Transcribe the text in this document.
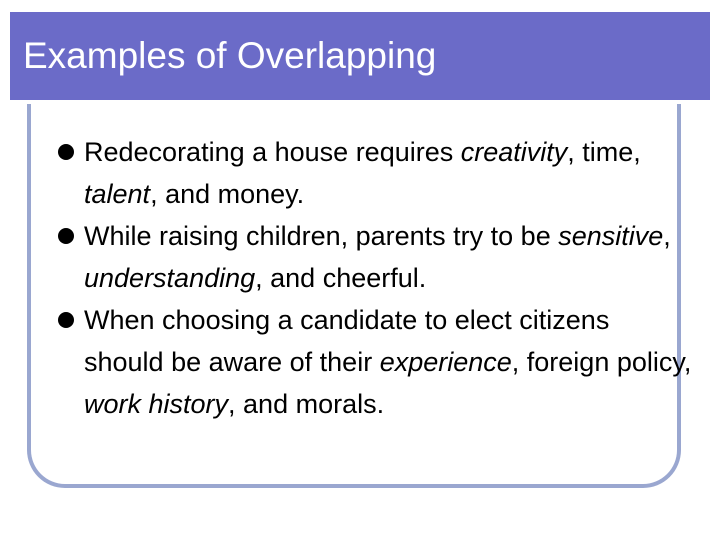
Examples of Overlapping
Redecorating a house requires creativity, time, talent, and money.
While raising children, parents try to be sensitive, understanding, and cheerful.
When choosing a candidate to elect citizens should be aware of their experience, foreign policy, work history, and morals.
